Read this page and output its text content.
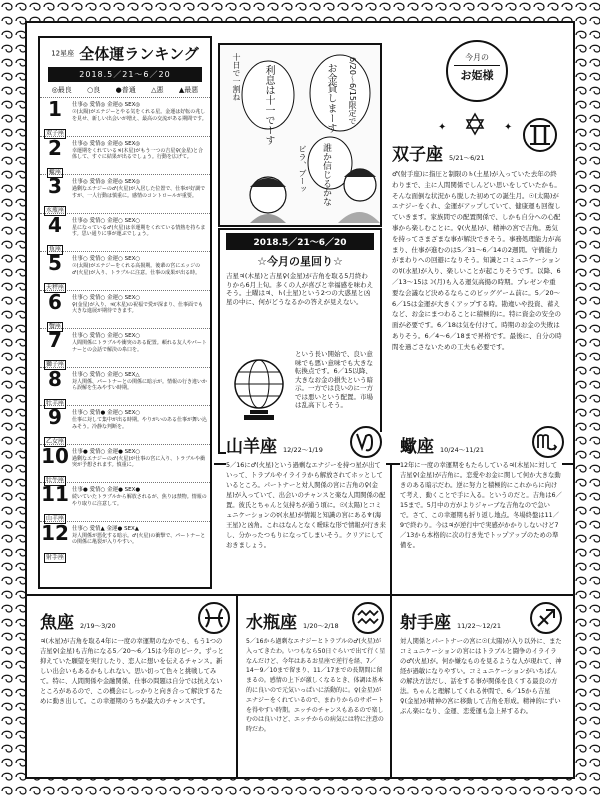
12星座 全体運ランキング
2018.5／21〜6／20
◎最良 ○良 ●普通 △悪 ▲最悪
1
双子座
仕事◎ 愛情◎ 金運◎ SEX◎
☉(太陽)がエナジーとやる気をくれる星。金運は好転の兆しを見せ、新しい出会いが増え、最高の交流がある期間です。
2
蠍座
仕事◎ 愛情◎ 金運◎ SEX◎
幸運期をくれている♃(木星)がもう一つの吉星♀(金星)と合体して、すぐに結果が出るでしょう。行動を広げて。
3
水瓶座
仕事◎ 愛情◎ 金運◎ SEX◎
過剰なエナジーの♂(火星)が入居した位置で、仕事が好調ですが、一人行動は慎重に。感情のコントロールが重要。
4
魚座
仕事◎ 愛情○ 金運○ SEX○
星になっている♂(火星)は幸運期をくれている情熱を持ちます。思い通りに事が運ぶでしょう。
5
天秤座
仕事○ 愛情○ 金運○ SEX○
☉(太陽)がエナジーをくれる高揚期。後輩の宮にエッジの♂(火星)が入り、トラブルに注意。仕事の成果が出る時。
6
蟹座
仕事○ 愛情○ 金運○ SEX○
♀(金星)が入り、♃(木星)の祝福で愛が深まり、仕事面でも大きな進展が期待できます。
7
獅子座
仕事○ 愛情○ 金運○ SEX○
人間関係にトラブルや衝突のある配置。頼れる友人やパートナーとの会話で解決の糸口を。
8
牡羊座
仕事○ 愛情○ 金運○ SEX△
対人関係、パートナーとの関係に暗示が。情報の行き違いから誤解を生みやすい時期。
9
乙女座
仕事○ 愛情● 金運○ SEX○
仕事に対して集中が出る時期。やりがいのある仕事が舞い込みそう。冷静な判断を。
10
牡牛座
仕事● 愛情○ 金運● SEX○
過剰なエナジーの♂(火星)が仕事の宮に入り、トラブルや衝突が予想されます。慎重に。
11
山羊座
仕事● 愛情○ 金運● SEX●
続いていたトラブルから解放されるが、焦りは禁物。情報のやり取りに注意して。
12
射手座
仕事○ 愛情▲ 金運● SEX▲
対人関係が悪化する暗示。♂(火星)の衝撃で、パートナーとの関係に亀裂が入りやすい。
6/20〜6/15限定で
お金貸しまーす
利息は十一でーす
十日で一割ね
誰か信じるかな
ビラ、ブーッ
2018.5／21〜6／20
☆今月の星回り☆
吉星♃(木星)と吉星♀(金星)が吉角を取る5月終わりから6月上旬。多くの人が喜びと幸福感を味わえそう。土曜は♃、♄(土星)という2つの大惑星と凶星の中に、何がどうなるかの答えが見えない。
という長い開始で、良い意味でも悪い意味でも大きな転換点です。6／15以降、大きなお金の損失という暗示。一方では良いのに一方では悪いという配置。市場は乱高下しそう。
今月の
お姫様
✦	✦
双子座 5/21〜6/21
♂(射手座)に指圧と制限の♄(土星)が入っていた去年の終わりまで、主に人間関係でしんどい思いをしていたかも。そんな面倒な状況から脱した初めての誕生月。☉(太陽)がエナジーをくれ、金運がアップしていて、健康運も回復していきます。家族間での配置関係で、しかも自分への心配事から楽しむことに。♀(火星)が、精神の宮で吉角。勇気を持ってさまざまな事が解決できそう。事務処理能力が高まり、仕事が進むのは5／31〜6／14の2週間。守備能力がまわりへの回避になりそう。知識とコミュニケーションの☿(水星)が入り、楽しいことが起こりそうです。以降、6／13〜15は☽(月)も入る運気高揚の時期。プレゼンや重要な会議など決めるならこのビッグゲーム前に。5／20〜6／15は金運が大きくアップする時。勘違いや投資、蓄えなど、お金にまつわることに積極的に。特に資金の安全の面が必要です。6／18は気を付けて。時期のお金の失敗はありそう。6／4〜6／18まで昇格です。最後に、自分の時間を過ごさないための工夫も必要です。
山羊座 12/22〜1/19
5／16に♂(火星)という過剰なエナジーを持つ星が出ていって、トラブルやイライラから解放されてホッとしているところ。パートナーと対人関係の宮に吉角の♀(金星)が入っていて、出会いのチャンスと楽な人間関係の配置。彼氏とちゃんと気持ちが通う頃に。☉(太陽)とコミュニケーションの☿(水星)が情報と知識の宮にある♆(海王星)と凶角。これはなんとなく曖昧な形で情報が行き来し、分かったつもりになってしまいそう。クリアにしておきましょう。
蠍座 10/24〜11/21
12年に一度の幸運期をもたらしている♃(木星)に対して吉星♀(金星)が吉角に。恋愛やお金に関して何か大きな動きのある暗示だわ。逆に努力と積極的にこれからに向けて考え、動くことで手に入る。というのだと。吉角は6／15まで。5月中の方がよりジャーブな吉角なので急いで。さて、この幸運期も折り返し地点。冬場終盤は11／9で終わり。今は♃が逆行中で実感がかかりしないけど7／13から本格的に次の行き先でトップアップのための準備を。
魚座 2/19〜3/20
♃(木星)が吉角を取る4年に一度の幸運期のなかでも、もう1つの吉星♀(金星)も吉角になる5／20〜6／15は今年のピーク。ずっと抑えていた願望を実行したり、恋人に想いを伝えるチャンス。新しい出会いもあるかもしれない。思い切って色々と挑戦してみて。特に、人間関係や金融関係、仕事の問題は自分では抗えないところがあるので、この機会にしっかりと向き合って解決するために動き出して。この幸運期のうちが最大のチャンスです。
水瓶座 1/20〜2/18
5／16から過剰なエナジーとトラブルの♂(火星)が入ってきたわ。いつもなら50日ぐらいで出て行く星なんだけど、今年はあるお星座で逆行を経、7／14〜9／10まで留まり、11／17までの長期間に留まるの。感情の上下が激しくなるとき、体調は基本的に良いので元気いっぱいに活動的に。♀(金星)がエナジーをくれているので、まわりからのサポートを得やすい時期。エッチのチャンスもあるので楽しむのは良いけど、エッチからの病気には特に注意の時だわ。
射手座 11/22〜12/21
対人関係とパートナーの宮に☉(太陽)が入り以外に、またコミュニケーションの宮にはトラブルと闘争のイライラの♂(火星)が。何か嫌なものを見るような人が現れて、神経が過敏になりやすい。コミュニケーションがいちばんの解決方法だし、話をする事が関係を良くする最良の方法。ちゃんと理解してくれる仲間で、6／15から吉星♀(金星)が精神の宮に移動して吉角を形成。精神的にずいぶん楽になり、金運、恋愛運も急上昇するわ。
